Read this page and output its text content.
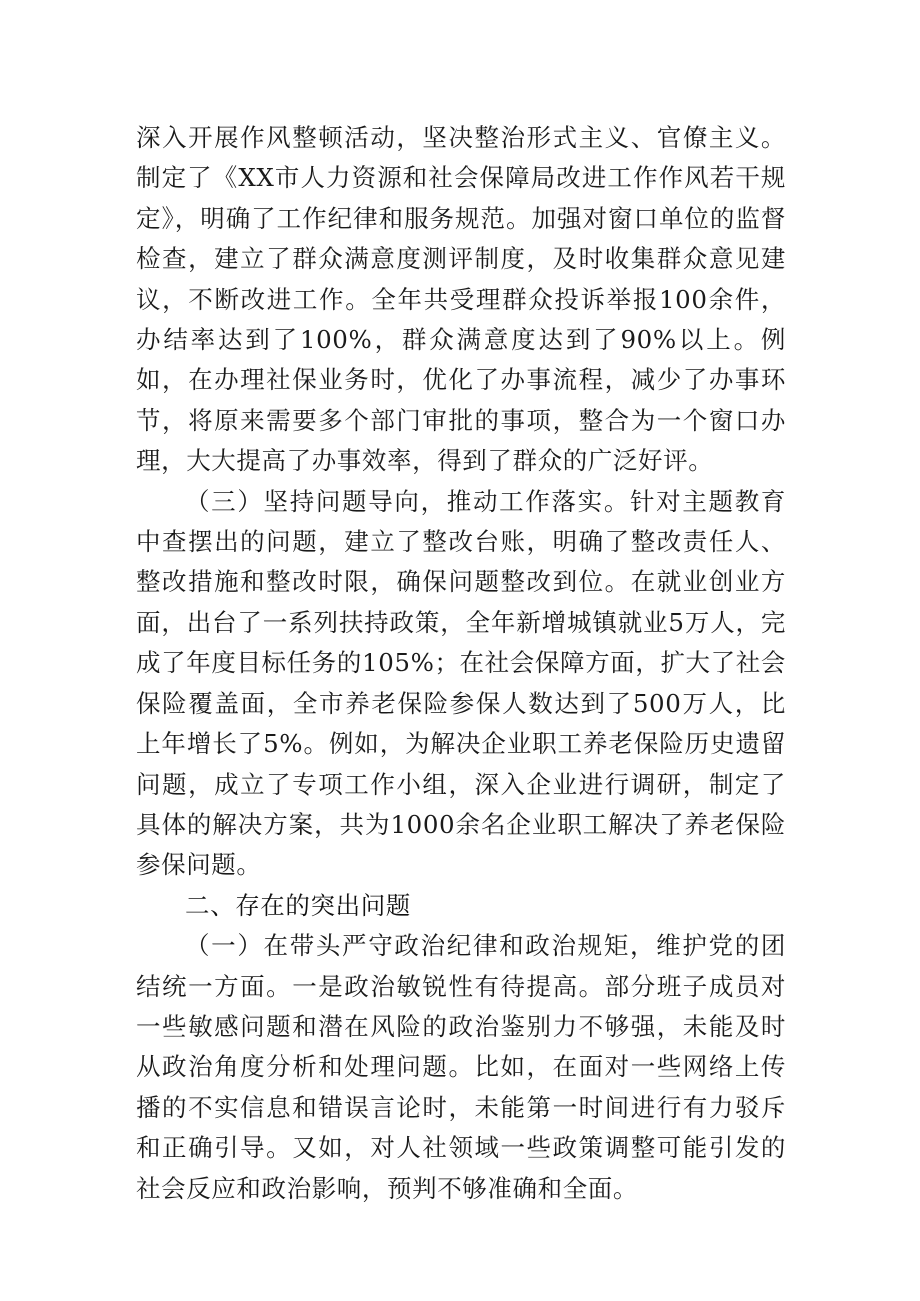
深入开展作风整顿活动，坚决整治形式主义、官僚主义。制定了《XX市人力资源和社会保障局改进工作作风若干规定》，明确了工作纪律和服务规范。加强对窗口单位的监督检查，建立了群众满意度测评制度，及时收集群众意见建议，不断改进工作。全年共受理群众投诉举报100余件，办结率达到了100%，群众满意度达到了90%以上。例如，在办理社保业务时，优化了办事流程，减少了办事环节，将原来需要多个部门审批的事项，整合为一个窗口办理，大大提高了办事效率，得到了群众的广泛好评。

（三）坚持问题导向，推动工作落实。针对主题教育中查摆出的问题，建立了整改台账，明确了整改责任人、整改措施和整改时限，确保问题整改到位。在就业创业方面，出台了一系列扶持政策，全年新增城镇就业5万人，完成了年度目标任务的105%；在社会保障方面，扩大了社会保险覆盖面，全市养老保险参保人数达到了500万人，比上年增长了5%。例如，为解决企业职工养老保险历史遗留问题，成立了专项工作小组，深入企业进行调研，制定了具体的解决方案，共为1000余名企业职工解决了养老保险参保问题。

二、存在的突出问题

（一）在带头严守政治纪律和政治规矩，维护党的团结统一方面。一是政治敏锐性有待提高。部分班子成员对一些敏感问题和潜在风险的政治鉴别力不够强，未能及时从政治角度分析和处理问题。比如，在面对一些网络上传播的不实信息和错误言论时，未能第一时间进行有力驳斥和正确引导。又如，对人社领域一些政策调整可能引发的社会反应和政治影响，预判不够准确和全面。
